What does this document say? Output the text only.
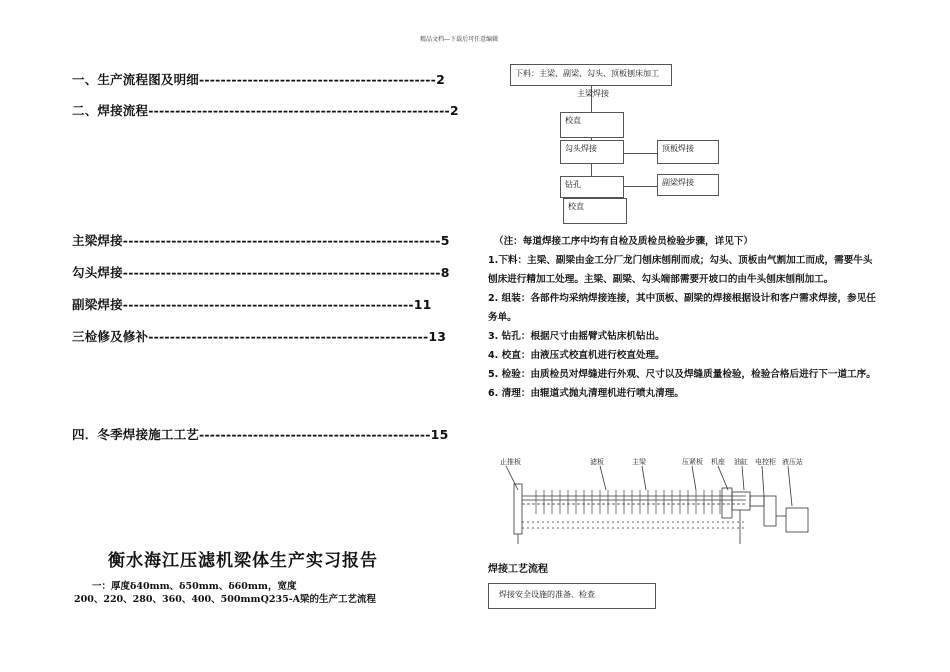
精品文档---下载后可任意编辑
一、生产流程图及明细--------------------------------------------2
二、焊接流程--------------------------------------------------------2
主梁焊接-----------------------------------------------------------5
勾头焊接-----------------------------------------------------------8
副梁焊接------------------------------------------------------11
三检修及修补----------------------------------------------------13
四．冬季焊接施工工艺-------------------------------------------15
衡水海江压滤机梁体生产实习报告
一：厚度δ40mm、δ50mm、δ60mm，宽度
200、220、280、360、400、500mmQ235-A梁的生产工艺流程
下料：主梁、副梁、勾头、顶板刨床加工
主梁焊接
校直
勾头焊接	顶板焊接
钻孔	副梁焊接
校直

（注：每道焊接工序中均有自检及质检员检验步骤，详见下）

1.下料：主梁、副梁由金工分厂龙门刨床刨削而成；勾头、顶板由气割加工而成，需要牛头刨床进行精加工处理。主梁、副梁、勾头端部需要开坡口的由牛头刨床刨削加工。

2. 组装：各部件均采纳焊接连接，其中顶板、副梁的焊接根据设计和客户需求焊接，参见任务单。

3. 钻孔：根据尺寸由摇臂式钻床机钻出。

4. 校直：由液压式校直机进行校直处理。

5. 检验：由质检员对焊缝进行外观、尺寸以及焊缝质量检验，检验合格后进行下一道工序。

6. 清理：由辊道式抛丸清理机进行喷丸清理。

止推板	滤板	主梁	压紧板 机座 油缸 电控柜 液压站
焊接工艺流程
焊接安全设施的准备、检查
